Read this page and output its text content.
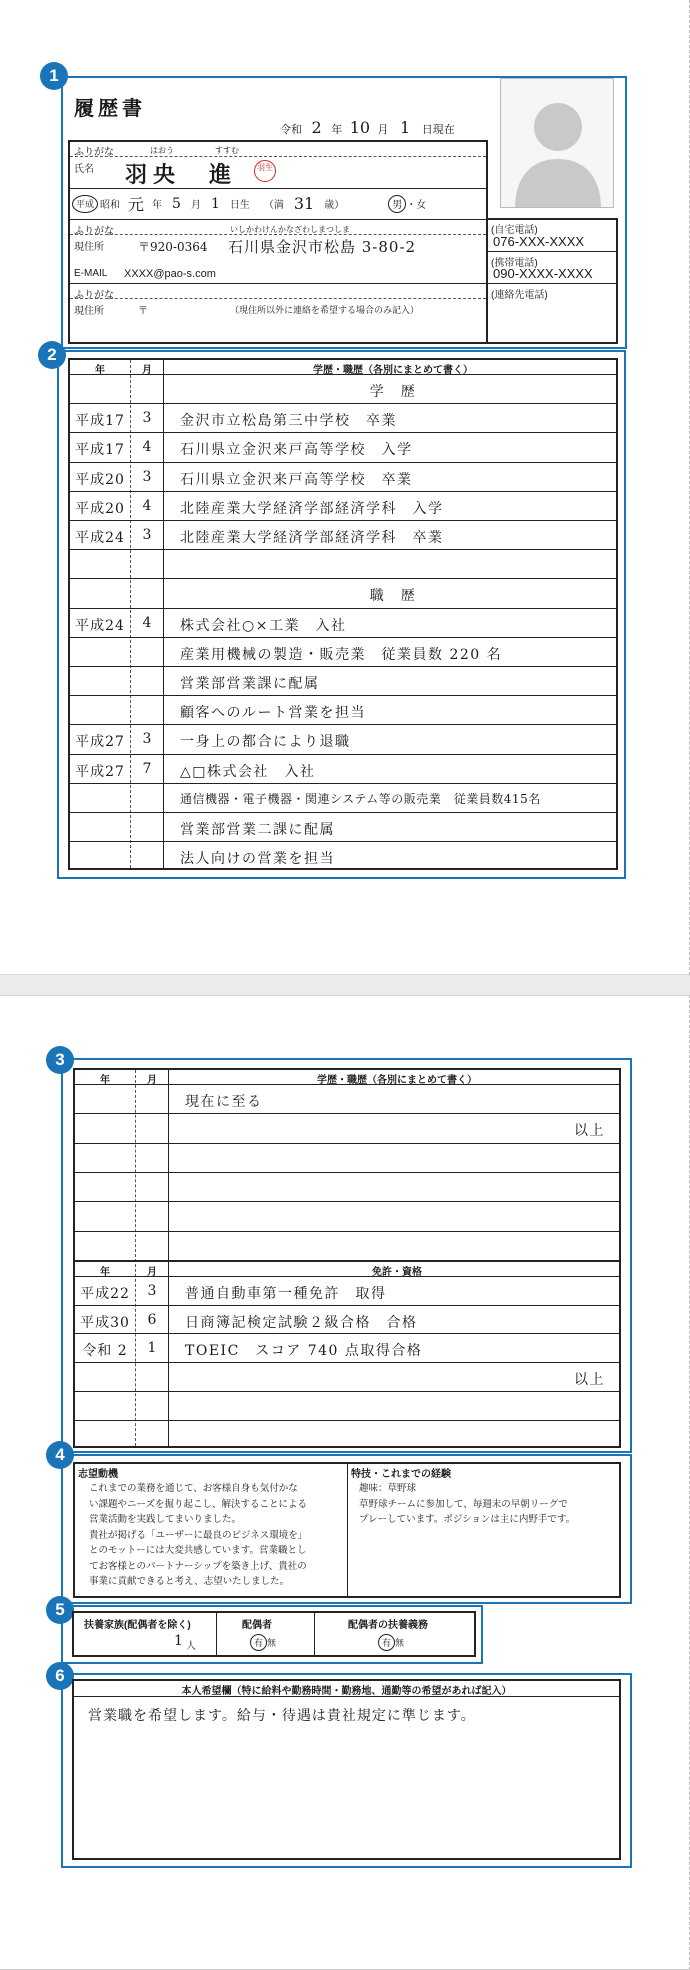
1
履歴書
令和 2 年 10 月 1 日現在
ふりがな	はおう	すすむ
氏名 羽央　進	羽生
平成 昭和 元 年 5 月 1 日生 （満 31 歳）	男 ・ 女
ふりがな	いしかわけんかなざわしまつしま
現住所	〒920-0364 石川県金沢市松島 3-80-2
E-MAIL XXXX@pao-s.com
ふりがな
現住所	〒	（現住所以外に連絡を希望する場合のみ記入）
(自宅電話)
076-XXX-XXXX
(携帯電話)
090-XXXX-XXXX
(連絡先電話)
2
年	月	学歴・職歴（各別にまとめて書く）
学　歴
平成17	3	金沢市立松島第三中学校　卒業
平成17	4	石川県立金沢来戸高等学校　入学
平成20	3	石川県立金沢来戸高等学校　卒業
平成20	4	北陸産業大学経済学部経済学科　入学
平成24	3	北陸産業大学経済学部経済学科　卒業
職　歴
平成24	4	株式会社○×工業　入社
産業用機械の製造・販売業　従業員数 220 名
営業部営業課に配属
顧客へのルート営業を担当
平成27	3	一身上の都合により退職
平成27	7	△□株式会社　入社
通信機器・電子機器・関連システム等の販売業　従業員数415名
営業部営業二課に配属
法人向けの営業を担当
3
年	月	学歴・職歴（各別にまとめて書く）
現在に至る
以上
年	月	免許・資格
平成22	3	普通自動車第一種免許　取得
平成30	6	日商簿記検定試験２級合格　合格
令和 2	1	TOEIC　スコア 740 点取得合格
以上
4
志望動機
これまでの業務を通じて、お客様自身も気付かな
い課題やニーズを掘り起こし、解決することによる
営業活動を実践してまいりました。
貴社が掲げる「ユーザーに最良のビジネス環境を」
とのモットーには大変共感しています。営業職とし
てお客様とのパートナーシップを築き上げ、貴社の
事業に貢献できると考え、志望いたしました。
特技・これまでの経験
趣味：草野球
草野球チームに参加して、毎週末の早朝リーグで
プレーしています。ポジションは主に内野手です。
5
扶養家族(配偶者を除く)
1 人
配偶者
有 無
配偶者の扶養義務
有 無
6
本人希望欄（特に給料や勤務時間・勤務地、通勤等の希望があれば記入）
営業職を希望します。給与・待遇は貴社規定に準じます。
